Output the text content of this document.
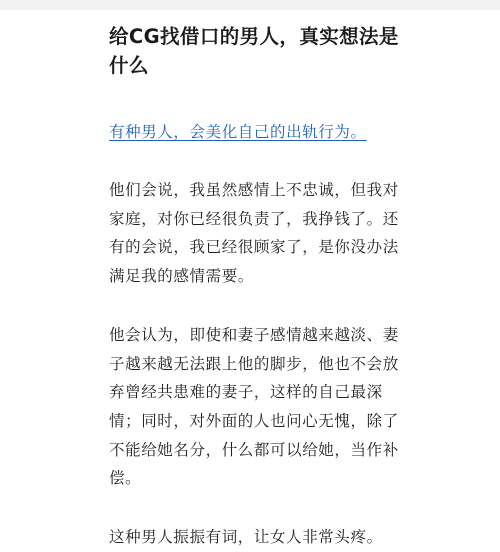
给CG找借口的男人，真实想法是什么

有种男人，会美化自己的出轨行为。

他们会说，我虽然感情上不忠诚，但我对家庭，对你已经很负责了，我挣钱了。还有的会说，我已经很顾家了，是你没办法满足我的感情需要。

他会认为，即使和妻子感情越来越淡、妻子越来越无法跟上他的脚步，他也不会放弃曾经共患难的妻子，这样的自己最深情；同时，对外面的人也问心无愧，除了不能给她名分，什么都可以给她，当作补偿。

这种男人振振有词，让女人非常头疼。
